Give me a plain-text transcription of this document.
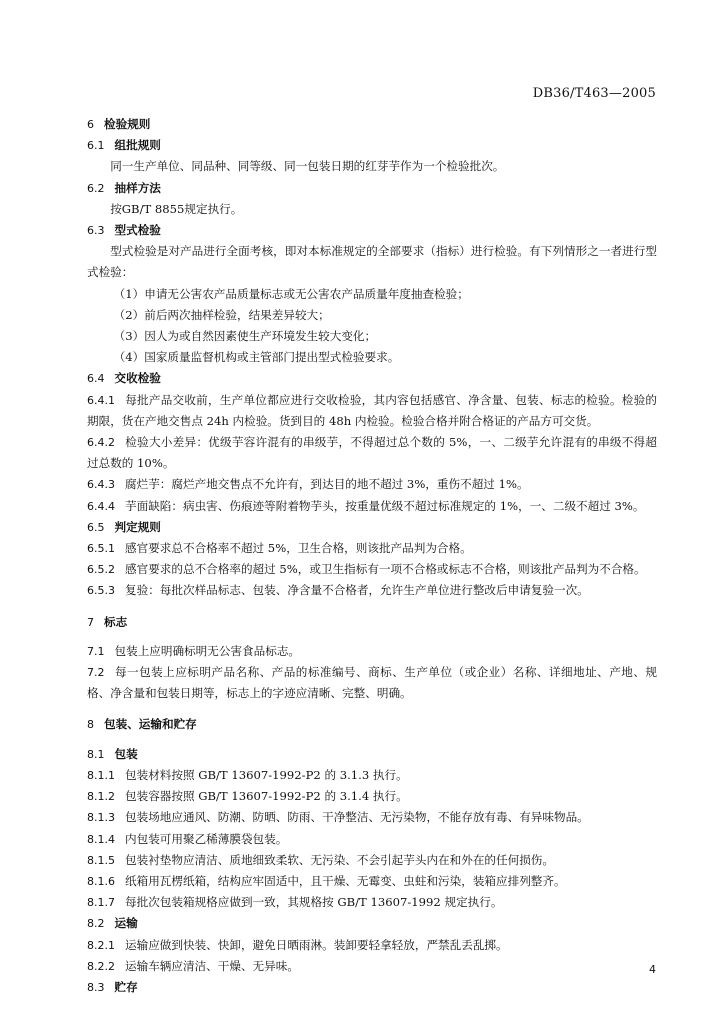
DB36/T463—2005

6 检验规则

6.1 组批规则

同一生产单位、同品种、同等级、同一包装日期的红芽芋作为一个检验批次。

6.2 抽样方法

按GB/T 8855规定执行。

6.3 型式检验

型式检验是对产品进行全面考核，即对本标准规定的全部要求（指标）进行检验。有下列情形之一者进行型式检验：

（1）申请无公害农产品质量标志或无公害农产品质量年度抽查检验；

（2）前后两次抽样检验，结果差异较大；

（3）因人为或自然因素使生产环境发生较大变化；

（4）国家质量监督机构或主管部门提出型式检验要求。

6.4 交收检验

6.4.1 每批产品交收前，生产单位都应进行交收检验，其内容包括感官、净含量、包装、标志的检验。检验的期限，货在产地交售点 24h 内检验。货到目的 48h 内检验。检验合格并附合格证的产品方可交货。

6.4.2 检验大小差异：优级芋容许混有的串级芋，不得超过总个数的 5%，一、二级芋允许混有的串级不得超过总数的 10%。

6.4.3 腐烂芋：腐烂产地交售点不允许有，到达目的地不超过 3%，重伤不超过 1%。

6.4.4 芋面缺陷：病虫害、伤痕迹等附着物芋头，按重量优级不超过标准规定的 1%，一、二级不超过 3%。

6.5 判定规则

6.5.1 感官要求总不合格率不超过 5%，卫生合格，则该批产品判为合格。

6.5.2 感官要求的总不合格率的超过 5%，或卫生指标有一项不合格或标志不合格，则该批产品判为不合格。

6.5.3 复验：每批次样品标志、包装、净含量不合格者，允许生产单位进行整改后申请复验一次。

7 标志

7.1 包装上应明确标明无公害食品标志。

7.2 每一包装上应标明产品名称、产品的标准编号、商标、生产单位（或企业）名称、详细地址、产地、规格、净含量和包装日期等，标志上的字迹应清晰、完整、明确。

8 包装、运输和贮存

8.1 包装

8.1.1 包装材料按照 GB/T 13607-1992-P2 的 3.1.3 执行。

8.1.2 包装容器按照 GB/T 13607-1992-P2 的 3.1.4 执行。

8.1.3 包装场地应通风、防潮、防晒、防雨、干净整洁、无污染物，不能存放有毒、有异味物品。

8.1.4 内包装可用聚乙稀薄膜袋包装。

8.1.5 包装衬垫物应清洁、质地细致柔软、无污染、不会引起芋头内在和外在的任何损伤。

8.1.6 纸箱用瓦楞纸箱，结构应牢固适中，且干燥、无霉变、虫蛀和污染，装箱应排列整齐。

8.1.7 每批次包装箱规格应做到一致，其规格按 GB/T 13607-1992 规定执行。

8.2 运输

8.2.1 运输应做到快装、快卸，避免日晒雨淋。装卸要轻拿轻放，严禁乱丢乱掷。

8.2.2 运输车辆应清洁、干燥、无异味。

8.3 贮存

4
